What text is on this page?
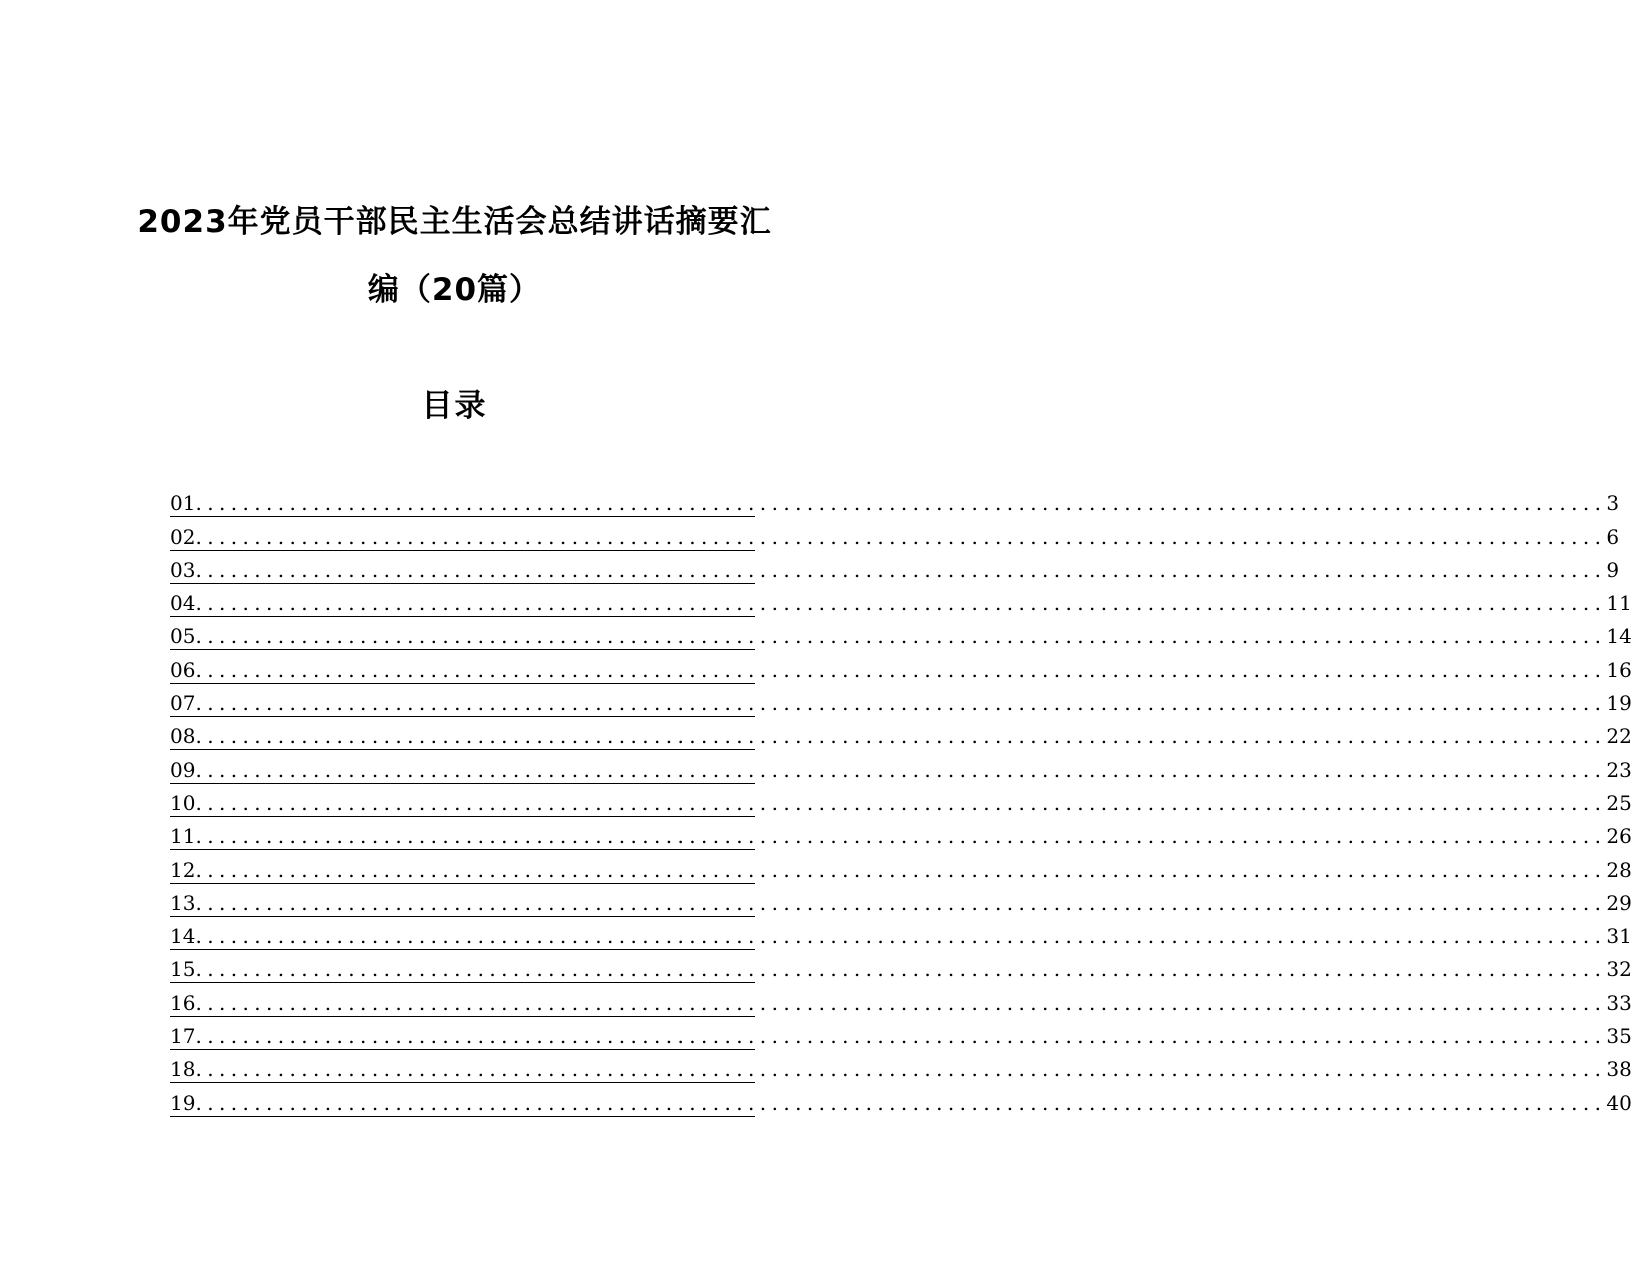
2023年党员干部民主生活会总结讲话摘要汇
编（20篇）
目录
01 ........................................................................................................................ 3
02 ........................................................................................................................ 6
03 ........................................................................................................................ 9
04 ........................................................................................................................ 11
05 ........................................................................................................................ 14
06 ........................................................................................................................ 16
07 ........................................................................................................................ 19
08 ........................................................................................................................ 22
09 ........................................................................................................................ 23
10 ........................................................................................................................ 25
11 ........................................................................................................................ 26
12 ........................................................................................................................ 28
13 ........................................................................................................................ 29
14 ........................................................................................................................ 31
15 ........................................................................................................................ 32
16 ........................................................................................................................ 33
17 ........................................................................................................................ 35
18 ........................................................................................................................ 38
19 ........................................................................................................................ 40
